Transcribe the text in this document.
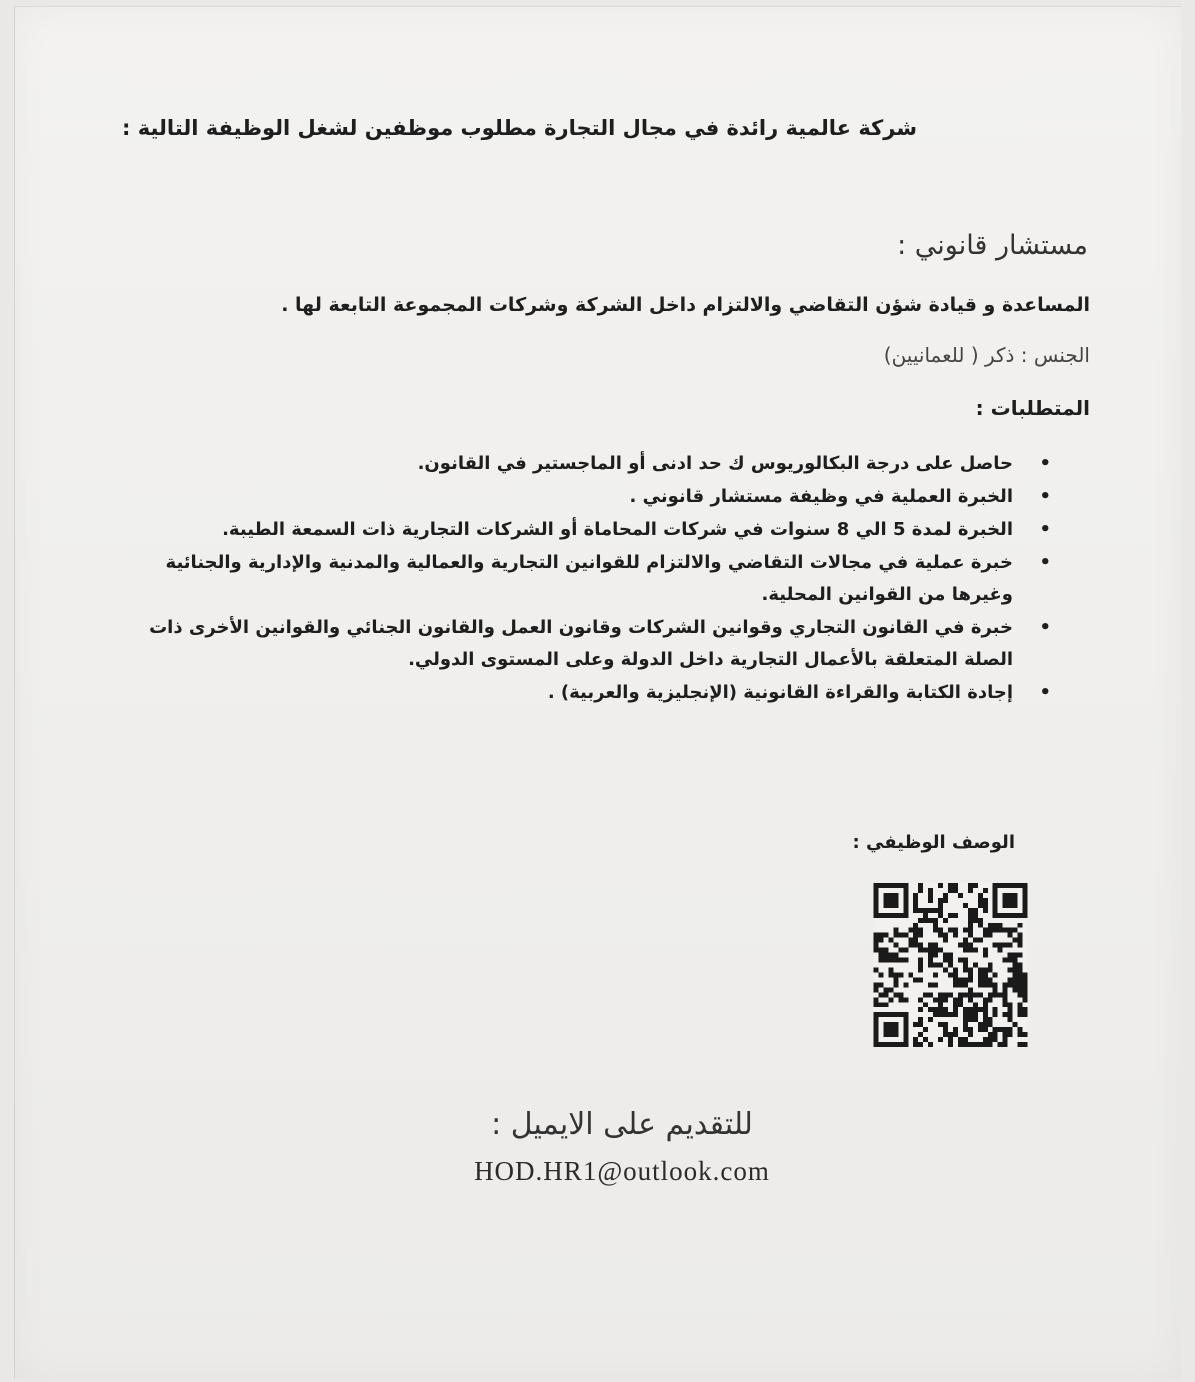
شركة عالمية رائدة في مجال التجارة مطلوب موظفين لشغل الوظيفة التالية :
مستشار قانوني :
المساعدة و قيادة شؤن التقاضي والالتزام داخل الشركة وشركات المجموعة التابعة لها .
الجنس : ذكر ( للعمانيين)
المتطلبات :
• حاصل على درجة البكالوريوس ك حد ادنى أو الماجستير في القانون.
• الخبرة العملية في وظيفة مستشار قانوني .
• الخبرة لمدة 5 الي 8 سنوات في شركات المحاماة أو الشركات التجارية ذات السمعة الطيبة.
• خبرة عملية في مجالات التقاضي والالتزام للقوانين التجارية والعمالية والمدنية والإدارية والجنائية وغيرها من القوانين المحلية.
• خبرة في القانون التجاري وقوانين الشركات وقانون العمل والقانون الجنائي والقوانين الأخرى ذات الصلة المتعلقة بالأعمال التجارية داخل الدولة وعلى المستوى الدولي.
• إجادة الكتابة والقراءة القانونية (الإنجليزية والعربية) .
الوصف الوظيفي :
للتقديم على الايميل :
HOD.HR1@outlook.com
